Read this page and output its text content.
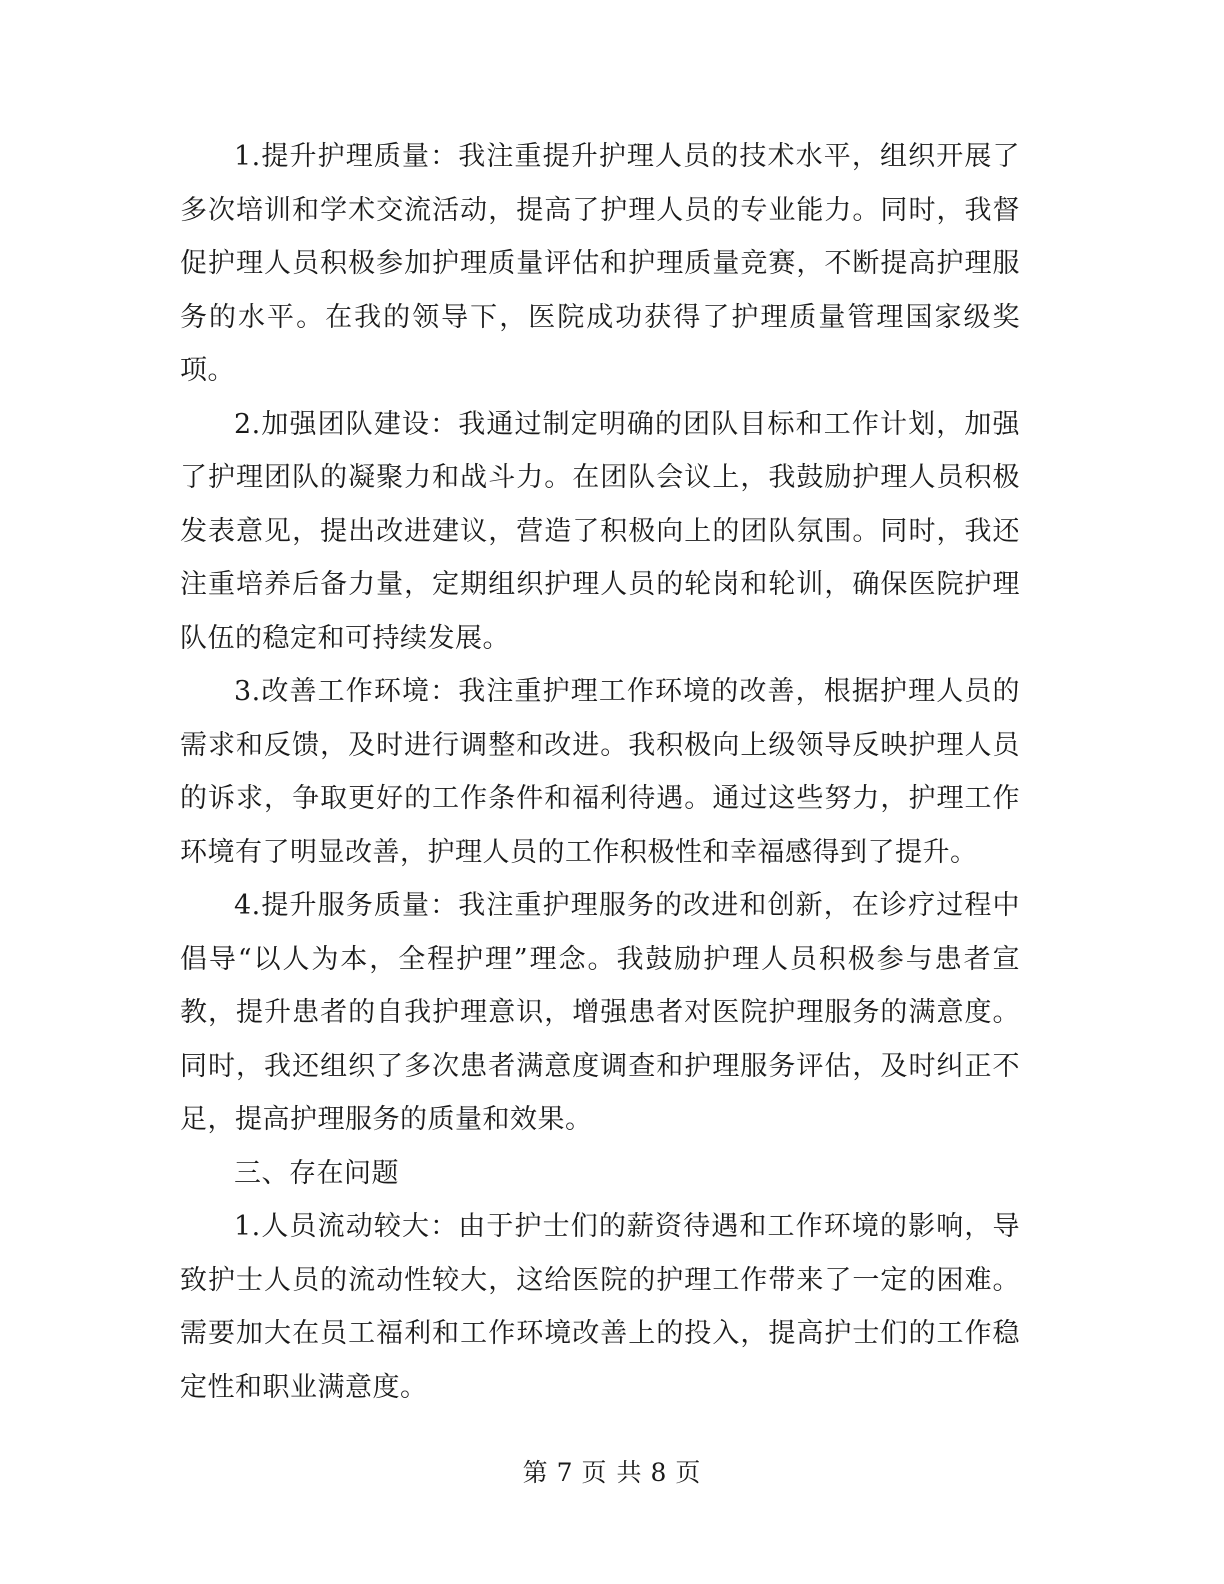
1.提升护理质量：我注重提升护理人员的技术水平，组织开展了多次培训和学术交流活动，提高了护理人员的专业能力。同时，我督促护理人员积极参加护理质量评估和护理质量竞赛，不断提高护理服务的水平。在我的领导下，医院成功获得了护理质量管理国家级奖项。

2.加强团队建设：我通过制定明确的团队目标和工作计划，加强了护理团队的凝聚力和战斗力。在团队会议上，我鼓励护理人员积极发表意见，提出改进建议，营造了积极向上的团队氛围。同时，我还注重培养后备力量，定期组织护理人员的轮岗和轮训，确保医院护理队伍的稳定和可持续发展。

3.改善工作环境：我注重护理工作环境的改善，根据护理人员的需求和反馈，及时进行调整和改进。我积极向上级领导反映护理人员的诉求，争取更好的工作条件和福利待遇。通过这些努力，护理工作环境有了明显改善，护理人员的工作积极性和幸福感得到了提升。

4.提升服务质量：我注重护理服务的改进和创新，在诊疗过程中倡导“以人为本，全程护理”理念。我鼓励护理人员积极参与患者宣教，提升患者的自我护理意识，增强患者对医院护理服务的满意度。同时，我还组织了多次患者满意度调查和护理服务评估，及时纠正不足，提高护理服务的质量和效果。

三、存在问题

1.人员流动较大：由于护士们的薪资待遇和工作环境的影响，导致护士人员的流动性较大，这给医院的护理工作带来了一定的困难。需要加大在员工福利和工作环境改善上的投入，提高护士们的工作稳定性和职业满意度。

第 7 页 共 8 页
